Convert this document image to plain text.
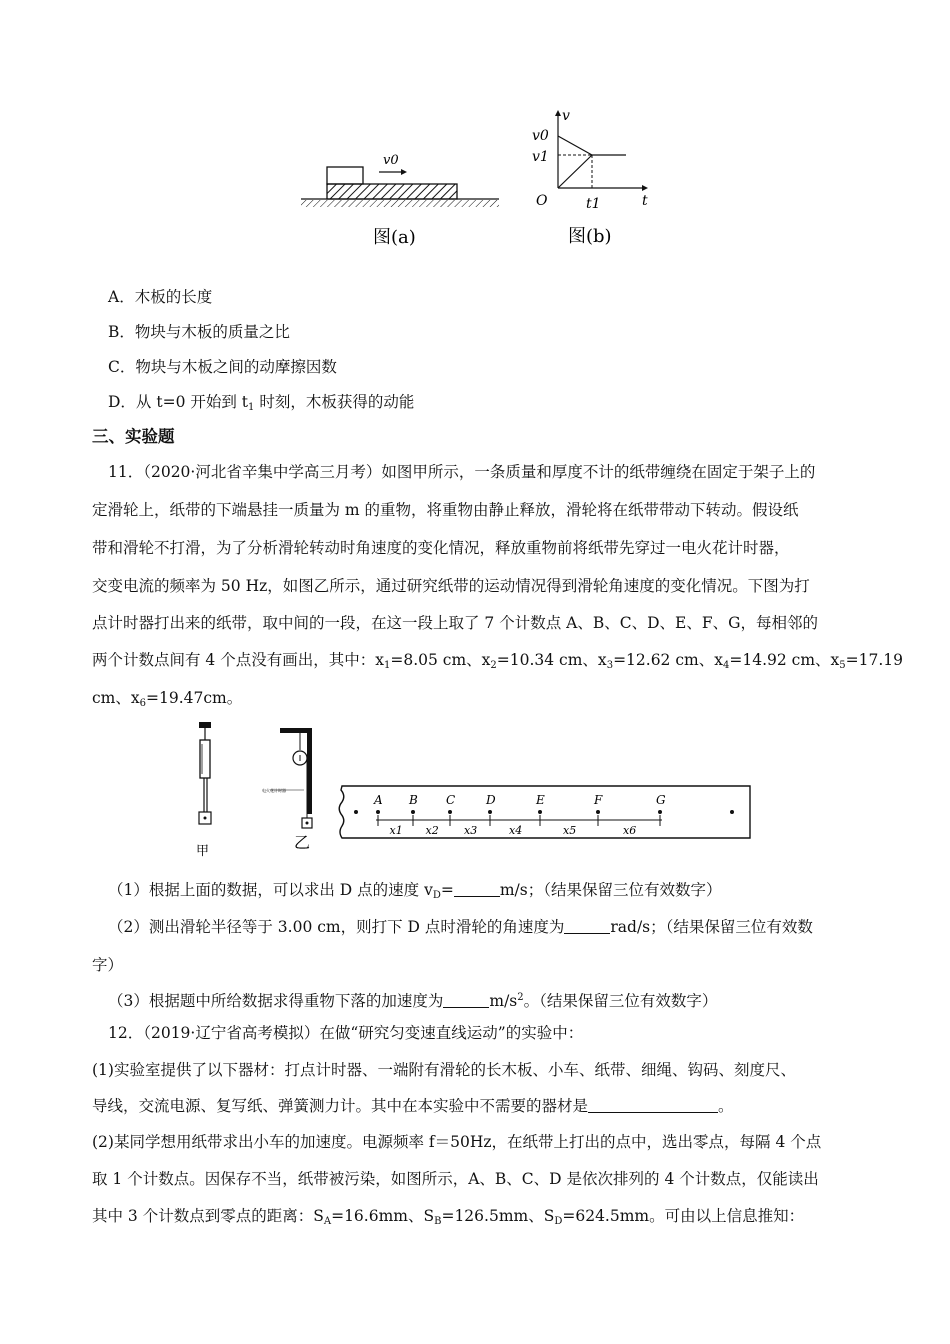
v0
图(a)
v
t
O
v0
v1
t1
图(b)
A．木板的长度
B．物块与木板的质量之比
C．物块与木板之间的动摩擦因数
D．从 t=0 开始到 $t_1$ 时刻，木板获得的动能
三、实验题
11．（2020·河北省辛集中学高三月考）如图甲所示，一条质量和厚度不计的纸带缠绕在固定于架子上的
定滑轮上，纸带的下端悬挂一质量为 m 的重物，将重物由静止释放，滑轮将在纸带带动下转动。假设纸
带和滑轮不打滑，为了分析滑轮转动时角速度的变化情况，释放重物前将纸带先穿过一电火花计时器，
交变电流的频率为 50 Hz，如图乙所示，通过研究纸带的运动情况得到滑轮角速度的变化情况。下图为打
点计时器打出来的纸带，取中间的一段，在这一段上取了 7 个计数点 A、B、C、D、E、F、G，每相邻的
两个计数点间有 4 个点没有画出，其中：$x_1=8.05$ cm、$x_2=10.34$ cm、$x_3=12.62$ cm、$x_4=14.92$ cm、$x_5=17.19$
cm、$x_6=19.47cm$。
甲
电火花计时器
乙
A B C	D	E	F	G
x1 x2 x3	x4	x5	x6
（1）根据上面的数据，可以求出 D 点的速度 $v_D=$	m/s；（结果保留三位有效数字）
（2）测出滑轮半径等于 3.00 cm，则打下 D 点时滑轮的角速度为	rad/s；（结果保留三位有效数
字）
（3）根据题中所给数据求得重物下落的加速度为	$m/s^2$。（结果保留三位有效数字）
12．（2019·辽宁省高考模拟）在做“研究匀变速直线运动”的实验中：
(1)实验室提供了以下器材：打点计时器、一端附有滑轮的长木板、小车、纸带、细绳、钩码、刻度尺、
导线，交流电源、复写纸、弹簧测力计。其中在本实验中不需要的器材是	。
(2)某同学想用纸带求出小车的加速度。电源频率 f＝50Hz，在纸带上打出的点中，选出零点，每隔 4 个点
取 1 个计数点。因保存不当，纸带被污染，如图所示，A、B、C、D 是依次排列的 4 个计数点，仅能读出
其中 3 个计数点到零点的距离：$S_A=16.6mm$、$S_B=126.5mm$、$S_D=624.5mm$。可由以上信息推知：
